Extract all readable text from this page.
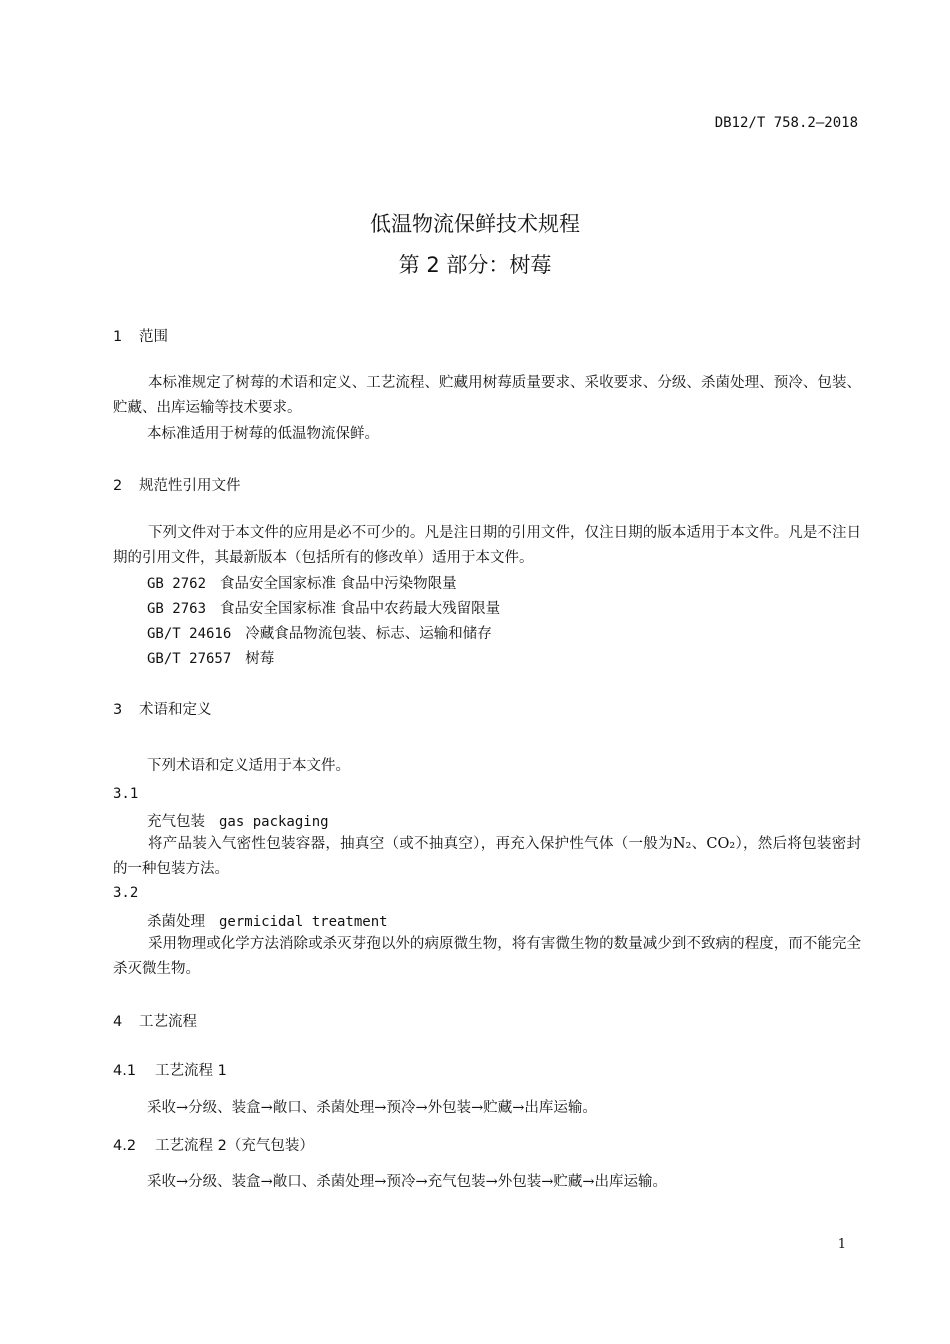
DB12/T 758.2—2018
低温物流保鲜技术规程
第 2 部分：树莓
1 范围
本标准规定了树莓的术语和定义、工艺流程、贮藏用树莓质量要求、采收要求、分级、杀菌处理、预冷、包装、贮藏、出库运输等技术要求。
本标准适用于树莓的低温物流保鲜。
2 规范性引用文件
下列文件对于本文件的应用是必不可少的。凡是注日期的引用文件，仅注日期的版本适用于本文件。凡是不注日期的引用文件，其最新版本（包括所有的修改单）适用于本文件。
GB 2762 食品安全国家标准 食品中污染物限量
GB 2763 食品安全国家标准 食品中农药最大残留限量
GB/T 24616 冷藏食品物流包装、标志、运输和储存
GB/T 27657 树莓
3 术语和定义
下列术语和定义适用于本文件。
3.1
充气包装 gas packaging
将产品装入气密性包装容器，抽真空（或不抽真空），再充入保护性气体（一般为N₂、CO₂），然后将包装密封的一种包装方法。
3.2
杀菌处理 germicidal treatment
采用物理或化学方法消除或杀灭芽孢以外的病原微生物，将有害微生物的数量减少到不致病的程度，而不能完全杀灭微生物。
4 工艺流程
4.1 工艺流程 1
采收→分级、装盒→敞口、杀菌处理→预冷→外包装→贮藏→出库运输。
4.2 工艺流程 2（充气包装）
采收→分级、装盒→敞口、杀菌处理→预冷→充气包装→外包装→贮藏→出库运输。
1
